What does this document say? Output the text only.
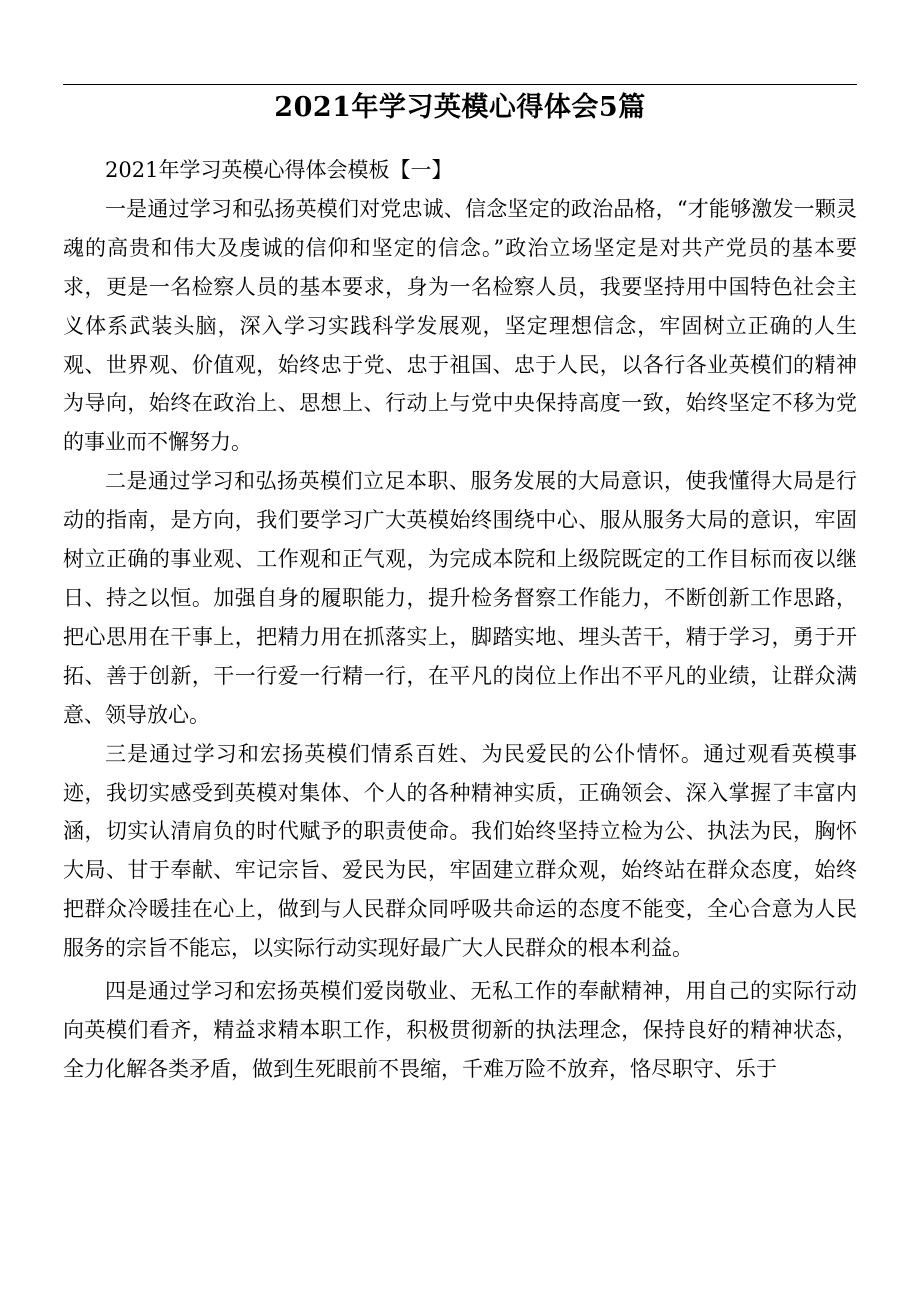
2021年学习英模心得体会5篇

2021年学习英模心得体会模板【一】

一是通过学习和弘扬英模们对党忠诚、信念坚定的政治品格，“才能够激发一颗灵魂的高贵和伟大及虔诚的信仰和坚定的信念。”政治立场坚定是对共产党员的基本要求，更是一名检察人员的基本要求，身为一名检察人员，我要坚持用中国特色社会主义体系武装头脑，深入学习实践科学发展观，坚定理想信念，牢固树立正确的人生观、世界观、价值观，始终忠于党、忠于祖国、忠于人民，以各行各业英模们的精神为导向，始终在政治上、思想上、行动上与党中央保持高度一致，始终坚定不移为党的事业而不懈努力。

二是通过学习和弘扬英模们立足本职、服务发展的大局意识，使我懂得大局是行动的指南，是方向，我们要学习广大英模始终围绕中心、服从服务大局的意识，牢固树立正确的事业观、工作观和正气观，为完成本院和上级院既定的工作目标而夜以继日、持之以恒。加强自身的履职能力，提升检务督察工作能力，不断创新工作思路，把心思用在干事上，把精力用在抓落实上，脚踏实地、埋头苦干，精于学习，勇于开拓、善于创新，干一行爱一行精一行，在平凡的岗位上作出不平凡的业绩，让群众满意、领导放心。

三是通过学习和宏扬英模们情系百姓、为民爱民的公仆情怀。通过观看英模事迹，我切实感受到英模对集体、个人的各种精神实质，正确领会、深入掌握了丰富内涵，切实认清肩负的时代赋予的职责使命。我们始终坚持立检为公、执法为民，胸怀大局、甘于奉献、牢记宗旨、爱民为民，牢固建立群众观，始终站在群众态度，始终把群众冷暖挂在心上，做到与人民群众同呼吸共命运的态度不能变，全心合意为人民服务的宗旨不能忘，以实际行动实现好最广大人民群众的根本利益。

四是通过学习和宏扬英模们爱岗敬业、无私工作的奉献精神，用自己的实际行动向英模们看齐，精益求精本职工作，积极贯彻新的执法理念，保持良好的精神状态，全力化解各类矛盾，做到生死眼前不畏缩，千难万险不放弃，恪尽职守、乐于
